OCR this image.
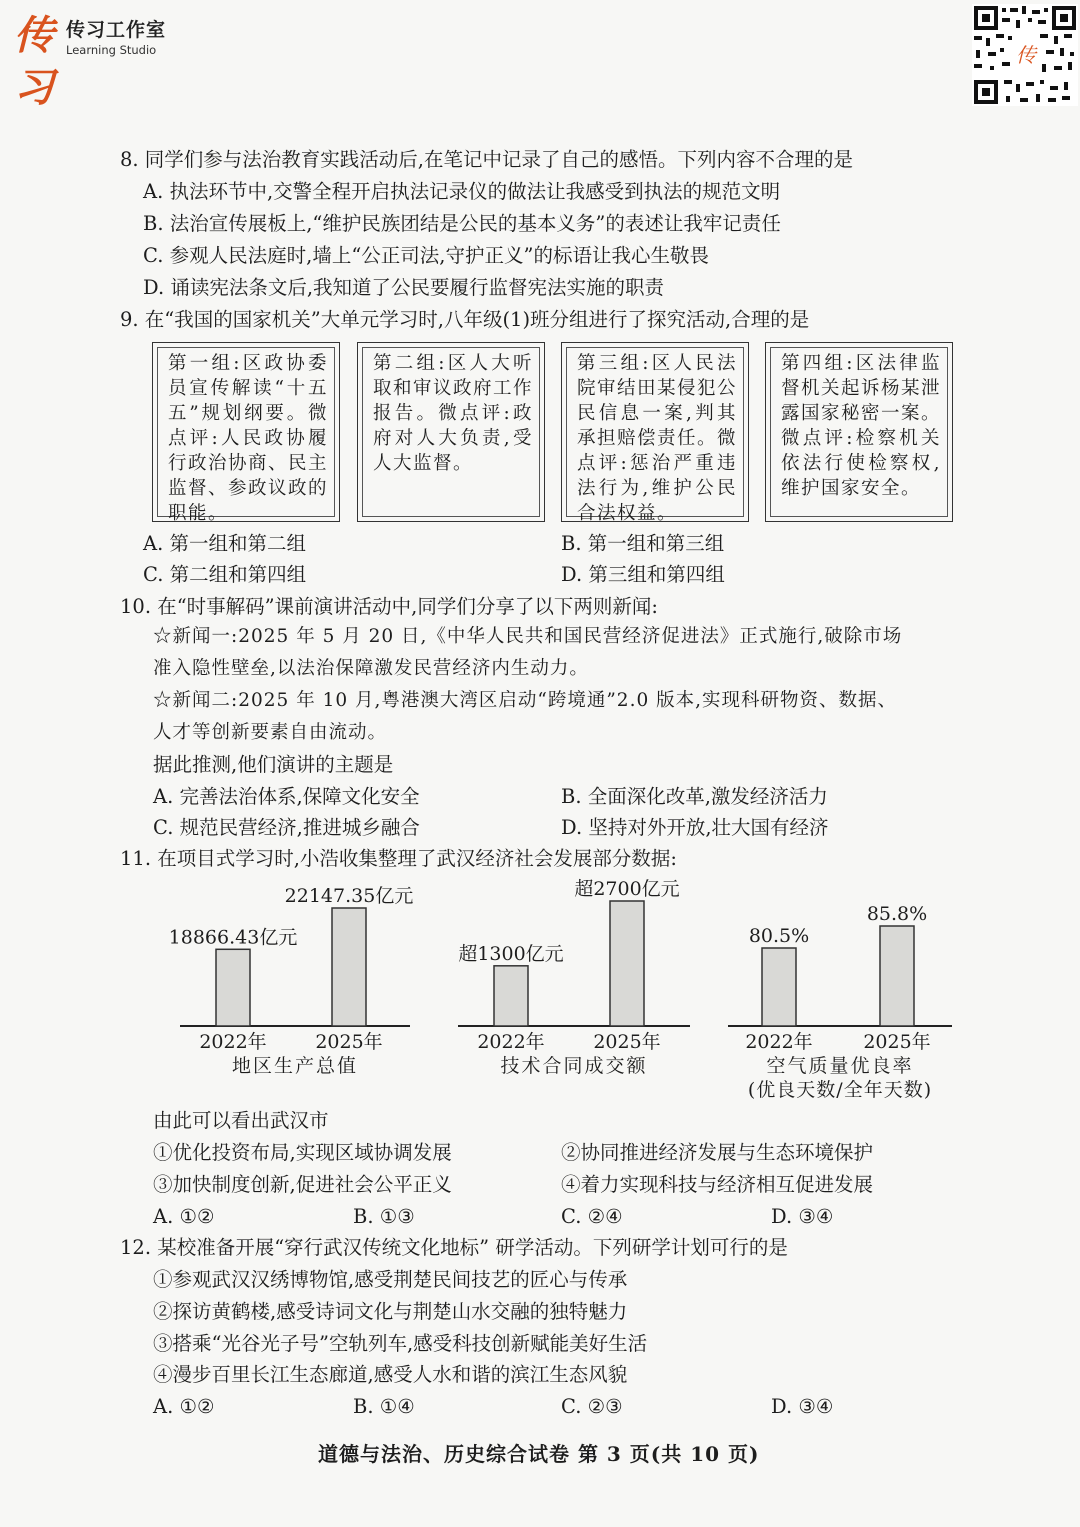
传习
传习工作室
Learning Studio	传
8. 同学们参与法治教育实践活动后,在笔记中记录了自己的感悟。下列内容不合理的是
A. 执法环节中,交警全程开启执法记录仪的做法让我感受到执法的规范文明
B. 法治宣传展板上,“维护民族团结是公民的基本义务”的表述让我牢记责任
C. 参观人民法庭时,墙上“公正司法,守护正义”的标语让我心生敬畏
D. 诵读宪法条文后,我知道了公民要履行监督宪法实施的职责
9. 在“我国的国家机关”大单元学习时,八年级(1)班分组进行了探究活动,合理的是
第一组:区政协委员宣传解读“十五五”规划纲要。微点评:人民政协履行政治协商、民主监督、参政议政的职能。
第二组:区人大听取和审议政府工作报告。微点评:政府对人大负责,受人大监督。
第三组:区人民法院审结田某侵犯公民信息一案,判其承担赔偿责任。微点评:惩治严重违法行为,维护公民合法权益。
第四组:区法律监督机关起诉杨某泄露国家秘密一案。微点评:检察机关依法行使检察权,维护国家安全。
A. 第一组和第二组	B. 第一组和第三组
C. 第二组和第四组	D. 第三组和第四组
10. 在“时事解码”课前演讲活动中,同学们分享了以下两则新闻:
☆新闻一:2025 年 5 月 20 日,《中华人民共和国民营经济促进法》正式施行,破除市场
准入隐性壁垒,以法治保障激发民营经济内生动力。
☆新闻二:2025 年 10 月,粤港澳大湾区启动“跨境通”2.0 版本,实现科研物资、数据、
人才等创新要素自由流动。
据此推测,他们演讲的主题是
A. 完善法治体系,保障文化安全	B. 全面深化改革,激发经济活力
C. 规范民营经济,推进城乡融合	D. 坚持对外开放,壮大国有经济
11. 在项目式学习时,小浩收集整理了武汉经济社会发展部分数据:
18866.43亿元
2022年
22147.35亿元
2025年
地区生产总值
超1300亿元
2022年
超2700亿元
2025年
技术合同成交额
80.5%
2022年
85.8%
2025年
空气质量优良率
(优良天数/全年天数)
由此可以看出武汉市
①优化投资布局,实现区域协调发展	②协同推进经济发展与生态环境保护
③加快制度创新,促进社会公平正义	④着力实现科技与经济相互促进发展
A. ①②	B. ①③	C. ②④	D. ③④
12. 某校准备开展“穿行武汉传统文化地标” 研学活动。下列研学计划可行的是
①参观武汉汉绣博物馆,感受荆楚民间技艺的匠心与传承
②探访黄鹤楼,感受诗词文化与荆楚山水交融的独特魅力
③搭乘“光谷光子号”空轨列车,感受科技创新赋能美好生活
④漫步百里长江生态廊道,感受人水和谐的滨江生态风貌
A. ①②	B. ①④	C. ②③	D. ③④
道德与法治、历史综合试卷 第 3 页(共 10 页)
